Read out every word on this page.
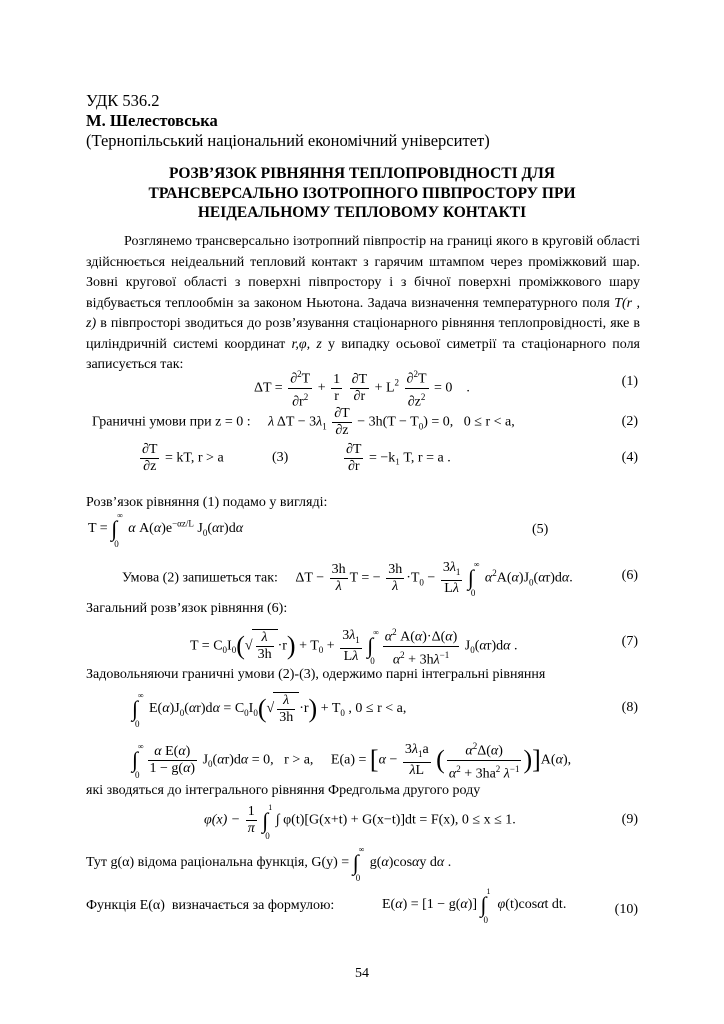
УДК 536.2
М. Шелестовська
(Тернопільський національний економічний університет)
РОЗВ’ЯЗОК РІВНЯННЯ ТЕПЛОПРОВІДНОСТІ ДЛЯ
ТРАНСВЕРСАЛЬНО ІЗОТРОПНОГО ПІВПРОСТОРУ ПРИ
НЕІДЕАЛЬНОМУ ТЕПЛОВОМУ КОНТАКТІ
Розглянемо трансверсально ізотропний півпростір на границі якого в круговій області здійснюється неідеальний тепловий контакт з гарячим штампом через проміжковий шар. Зовні кругової області з поверхні півпростору і з бічної поверхні проміжкового шару відбувається теплообмін за законом Ньютона. Задача визначення температурного поля T(r , z) в півпросторі зводиться до розв’язування стаціонарного рівняння теплопровідності, яке в циліндричній системі координат r,φ, z у випадку осьової симетрії та стаціонарного поля записується так:
$\Delta T = \frac{\partial^2T}{\partial r^2} + \frac{1}{r}$
$\frac{\partial T}{\partial r} + L^2 \frac{\partial^2T}{\partial z^2} = 0$    .	(1)
Граничні умови при z = 0 : λ $\Delta T - 3\lambda_1 \frac{\partial T}{\partial z} - 3h(T - T_0) = 0$,   0 ≤ r < a,	(2)
$\frac{\partial T}{\partial z}$ = kT, r > a	(3)	$\frac{\partial T}{\partial r} = -k_1$ T, r = a .	(4)
Розв’язок рівняння (1) подамо у вигляді:
T = ∫
∞
0
α $A(\alpha)e^{-\alpha z/L}$ $J_0(\alpha r)d\alpha$	(5)
Умова (2) запишеться так:     $\Delta T - \frac{3h}{\lambda}$ T = − $\frac{3h}{\lambda} \cdot T_0 - \frac{3\lambda_1}{L\lambda}$ ∫
∞
0
$\alpha^2A(\alpha)J_0(\alpha r)d\alpha$.	(6)
Загальний розв’язок рівняння (6):
$T = C_0I_0(√ \frac{\lambda}{3h} \cdot r) + T_0 + \frac{3\lambda_1}{L\lambda}$ ∫
∞
0
$\frac{\alpha^2 A(\alpha)\cdot\Delta(\alpha)}{\alpha^2 + 3h\lambda^{-1}} J_0(\alpha r)d\alpha$ .	(7)
Задовольняючи граничні умови (2)-(3), одержимо парні інтегральні рівняння
∫
∞
0
$E(\alpha)J_0(\alpha r)d\alpha = C_0I_0(√ \frac{\lambda}{3h} \cdot r) + T_0$ , 0 ≤ r < a,	(8)
∫
∞
0
$\frac{\text{α E(α)}}{1 - g(\alpha)} J_0(\alpha r)d\alpha = 0$,   r > a,     $E(a) = [\alpha - \frac{3\lambda_1a}{\lambda L}$ ( $\frac{\alpha^2\Delta(\alpha)}{\alpha^2 + 3ha^2 \lambda^{-1}} )]A(\alpha)$,
які зводяться до інтегрального рівняння Фредгольма другого роду
$\varphi(x) - \frac{1}{\pi}$ ∫
1
0
∫ φ(t)[G(x+t) + G(x−t)]dt = F(x), 0 ≤ x ≤ 1.	(9)
Тут g(α) відома раціональна функція, G(y) = ∫
∞
0
g(α)cosαy dα .
Функція E(α) визначається за формулою:	E(α) = [1 − g(α)] ∫
1
0
φ(t)cosαt dt.	(10)
54
